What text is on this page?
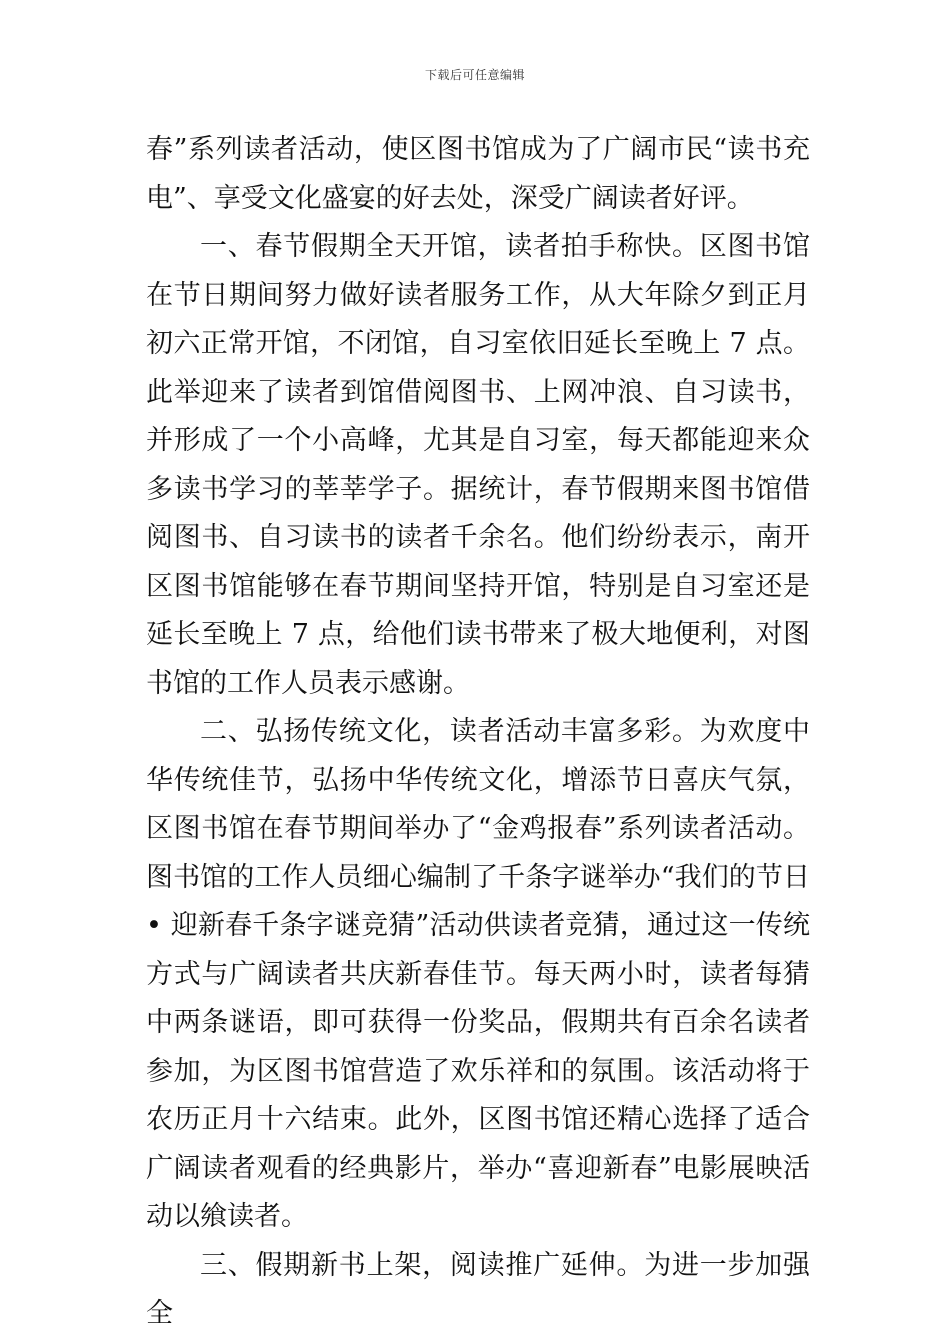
下载后可任意编辑

春”系列读者活动，使区图书馆成为了广阔市民“读书充电”、享受文化盛宴的好去处，深受广阔读者好评。

一、春节假期全天开馆，读者拍手称快。区图书馆在节日期间努力做好读者服务工作，从大年除夕到正月初六正常开馆，不闭馆，自习室依旧延长至晚上 7 点。此举迎来了读者到馆借阅图书、上网冲浪、自习读书，并形成了一个小高峰，尤其是自习室，每天都能迎来众多读书学习的莘莘学子。据统计，春节假期来图书馆借阅图书、自习读书的读者千余名。他们纷纷表示，南开区图书馆能够在春节期间坚持开馆，特别是自习室还是延长至晚上 7 点，给他们读书带来了极大地便利，对图书馆的工作人员表示感谢。

二、弘扬传统文化，读者活动丰富多彩。为欢度中华传统佳节，弘扬中华传统文化，增添节日喜庆气氛，区图书馆在春节期间举办了“金鸡报春”系列读者活动。图书馆的工作人员细心编制了千条字谜举办“我们的节日 • 迎新春千条字谜竞猜”活动供读者竞猜，通过这一传统方式与广阔读者共庆新春佳节。每天两小时，读者每猜中两条谜语，即可获得一份奖品，假期共有百余名读者参加，为区图书馆营造了欢乐祥和的氛围。该活动将于农历正月十六结束。此外，区图书馆还精心选择了适合广阔读者观看的经典影片，举办“喜迎新春”电影展映活动以飨读者。

三、假期新书上架，阅读推广延伸。为进一步加强全
